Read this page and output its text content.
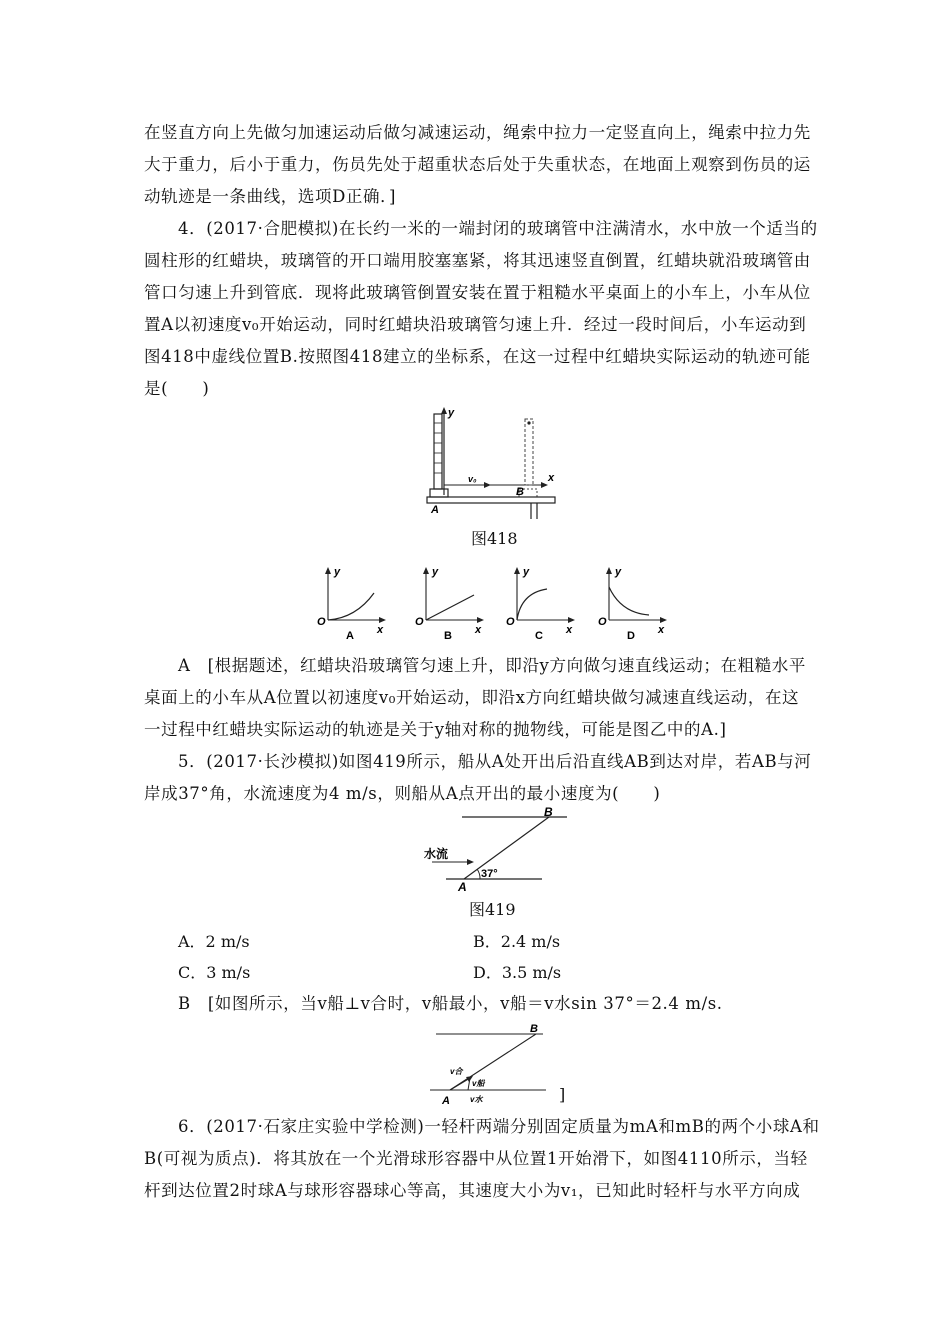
在竖直方向上先做匀加速运动后做匀减速运动，绳索中拉力一定竖直向上，绳索中拉力先
大于重力，后小于重力，伤员先处于超重状态后处于失重状态，在地面上观察到伤员的运
动轨迹是一条曲线，选项D正确．]
4．(2017·合肥模拟)在长约一米的一端封闭的玻璃管中注满清水，水中放一个适当的
圆柱形的红蜡块，玻璃管的开口端用胶塞塞紧，将其迅速竖直倒置，红蜡块就沿玻璃管由
管口匀速上升到管底．现将此玻璃管倒置安装在置于粗糙水平桌面上的小车上，小车从位
置A以初速度v₀开始运动，同时红蜡块沿玻璃管匀速上升．经过一段时间后，小车运动到
图418中虚线位置B.按照图418建立的坐标系，在这一过程中红蜡块实际运动的轨迹可能
是(　　)
y
v₀	x
A
B
图418
y
x
O
A
y
x
O
B
y
x
O
C
y
x
O
D
A　[根据题述，红蜡块沿玻璃管匀速上升，即沿y方向做匀速直线运动；在粗糙水平
桌面上的小车从A位置以初速度v₀开始运动，即沿x方向红蜡块做匀减速直线运动，在这
一过程中红蜡块实际运动的轨迹是关于y轴对称的抛物线，可能是图乙中的A.]
5．(2017·长沙模拟)如图419所示，船从A处开出后沿直线AB到达对岸，若AB与河
岸成37°角，水流速度为4 m/s，则船从A点开出的最小速度为(　　)
水流
37°
A
B
图419
A．2 m/s	B．2.4 m/s
C．3 m/s	D．3.5 m/s
B　[如图所示，当v船⊥v合时，v船最小，v船＝v水sin 37°＝2.4 m/s.
B
A
v合
v船
v水	]
6．(2017·石家庄实验中学检测)一轻杆两端分别固定质量为mA和mB的两个小球A和
B(可视为质点)．将其放在一个光滑球形容器中从位置1开始滑下，如图4110所示，当轻
杆到达位置2时球A与球形容器球心等高，其速度大小为v₁，已知此时轻杆与水平方向成
